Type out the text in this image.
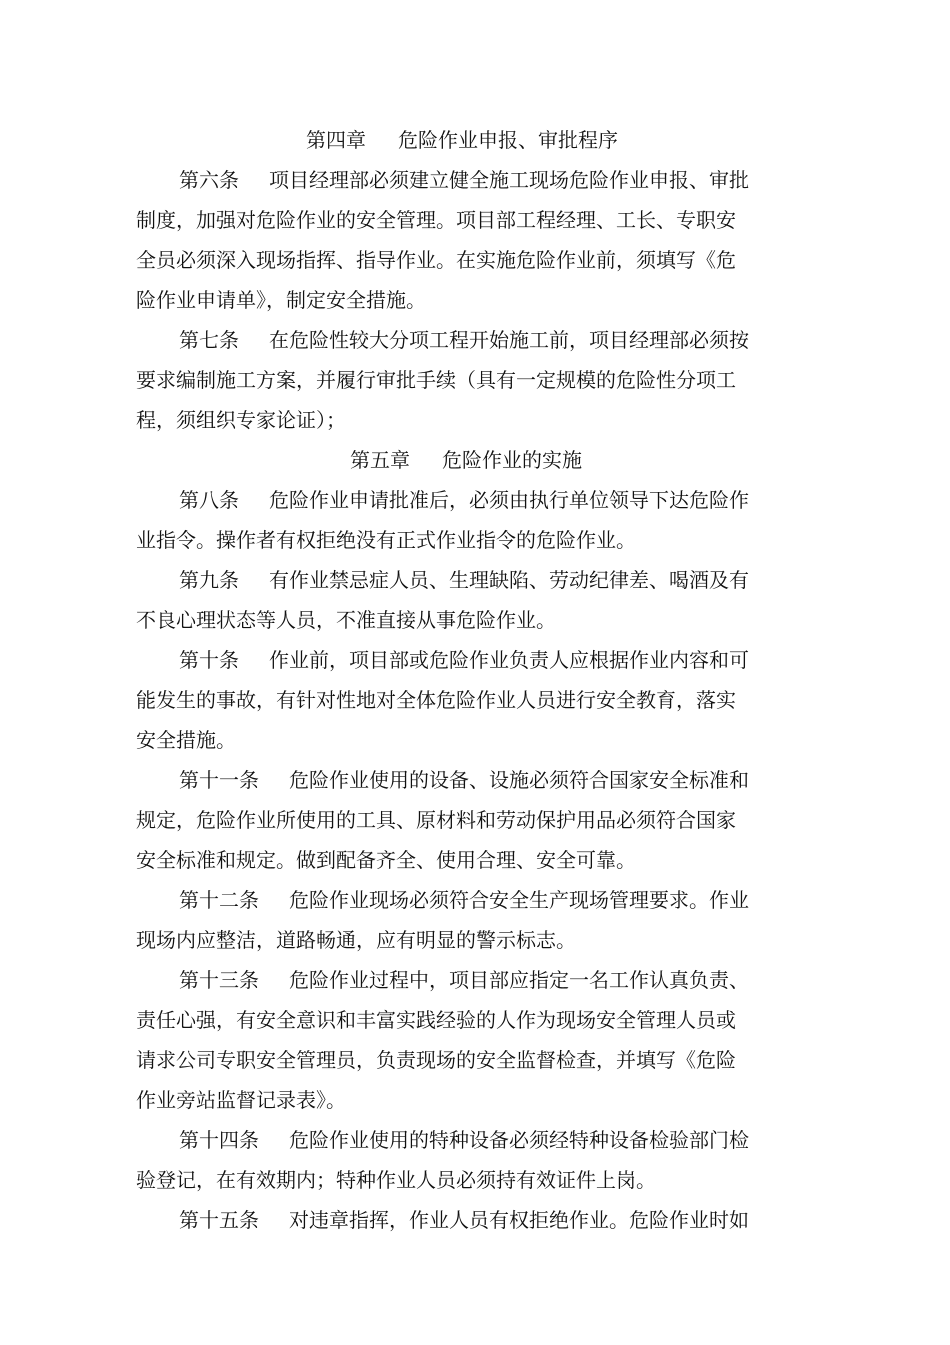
第四章 危险作业申报、审批程序
第六条 项目经理部必须建立健全施工现场危险作业申报、审批
制度，加强对危险作业的安全管理。项目部工程经理、工长、专职安
全员必须深入现场指挥、指导作业。在实施危险作业前，须填写《危
险作业申请单》，制定安全措施。
第七条 在危险性较大分项工程开始施工前，项目经理部必须按
要求编制施工方案，并履行审批手续（具有一定规模的危险性分项工
程，须组织专家论证）；
第五章 危险作业的实施
第八条 危险作业申请批准后，必须由执行单位领导下达危险作
业指令。操作者有权拒绝没有正式作业指令的危险作业。
第九条 有作业禁忌症人员、生理缺陷、劳动纪律差、喝酒及有
不良心理状态等人员，不准直接从事危险作业。
第十条 作业前，项目部或危险作业负责人应根据作业内容和可
能发生的事故，有针对性地对全体危险作业人员进行安全教育，落实
安全措施。
第十一条 危险作业使用的设备、设施必须符合国家安全标准和
规定，危险作业所使用的工具、原材料和劳动保护用品必须符合国家
安全标准和规定。做到配备齐全、使用合理、安全可靠。
第十二条 危险作业现场必须符合安全生产现场管理要求。作业
现场内应整洁，道路畅通，应有明显的警示标志。
第十三条 危险作业过程中，项目部应指定一名工作认真负责、
责任心强，有安全意识和丰富实践经验的人作为现场安全管理人员或
请求公司专职安全管理员，负责现场的安全监督检查，并填写《危险
作业旁站监督记录表》。
第十四条 危险作业使用的特种设备必须经特种设备检验部门检
验登记，在有效期内；特种作业人员必须持有效证件上岗。
第十五条 对违章指挥，作业人员有权拒绝作业。危险作业时如
